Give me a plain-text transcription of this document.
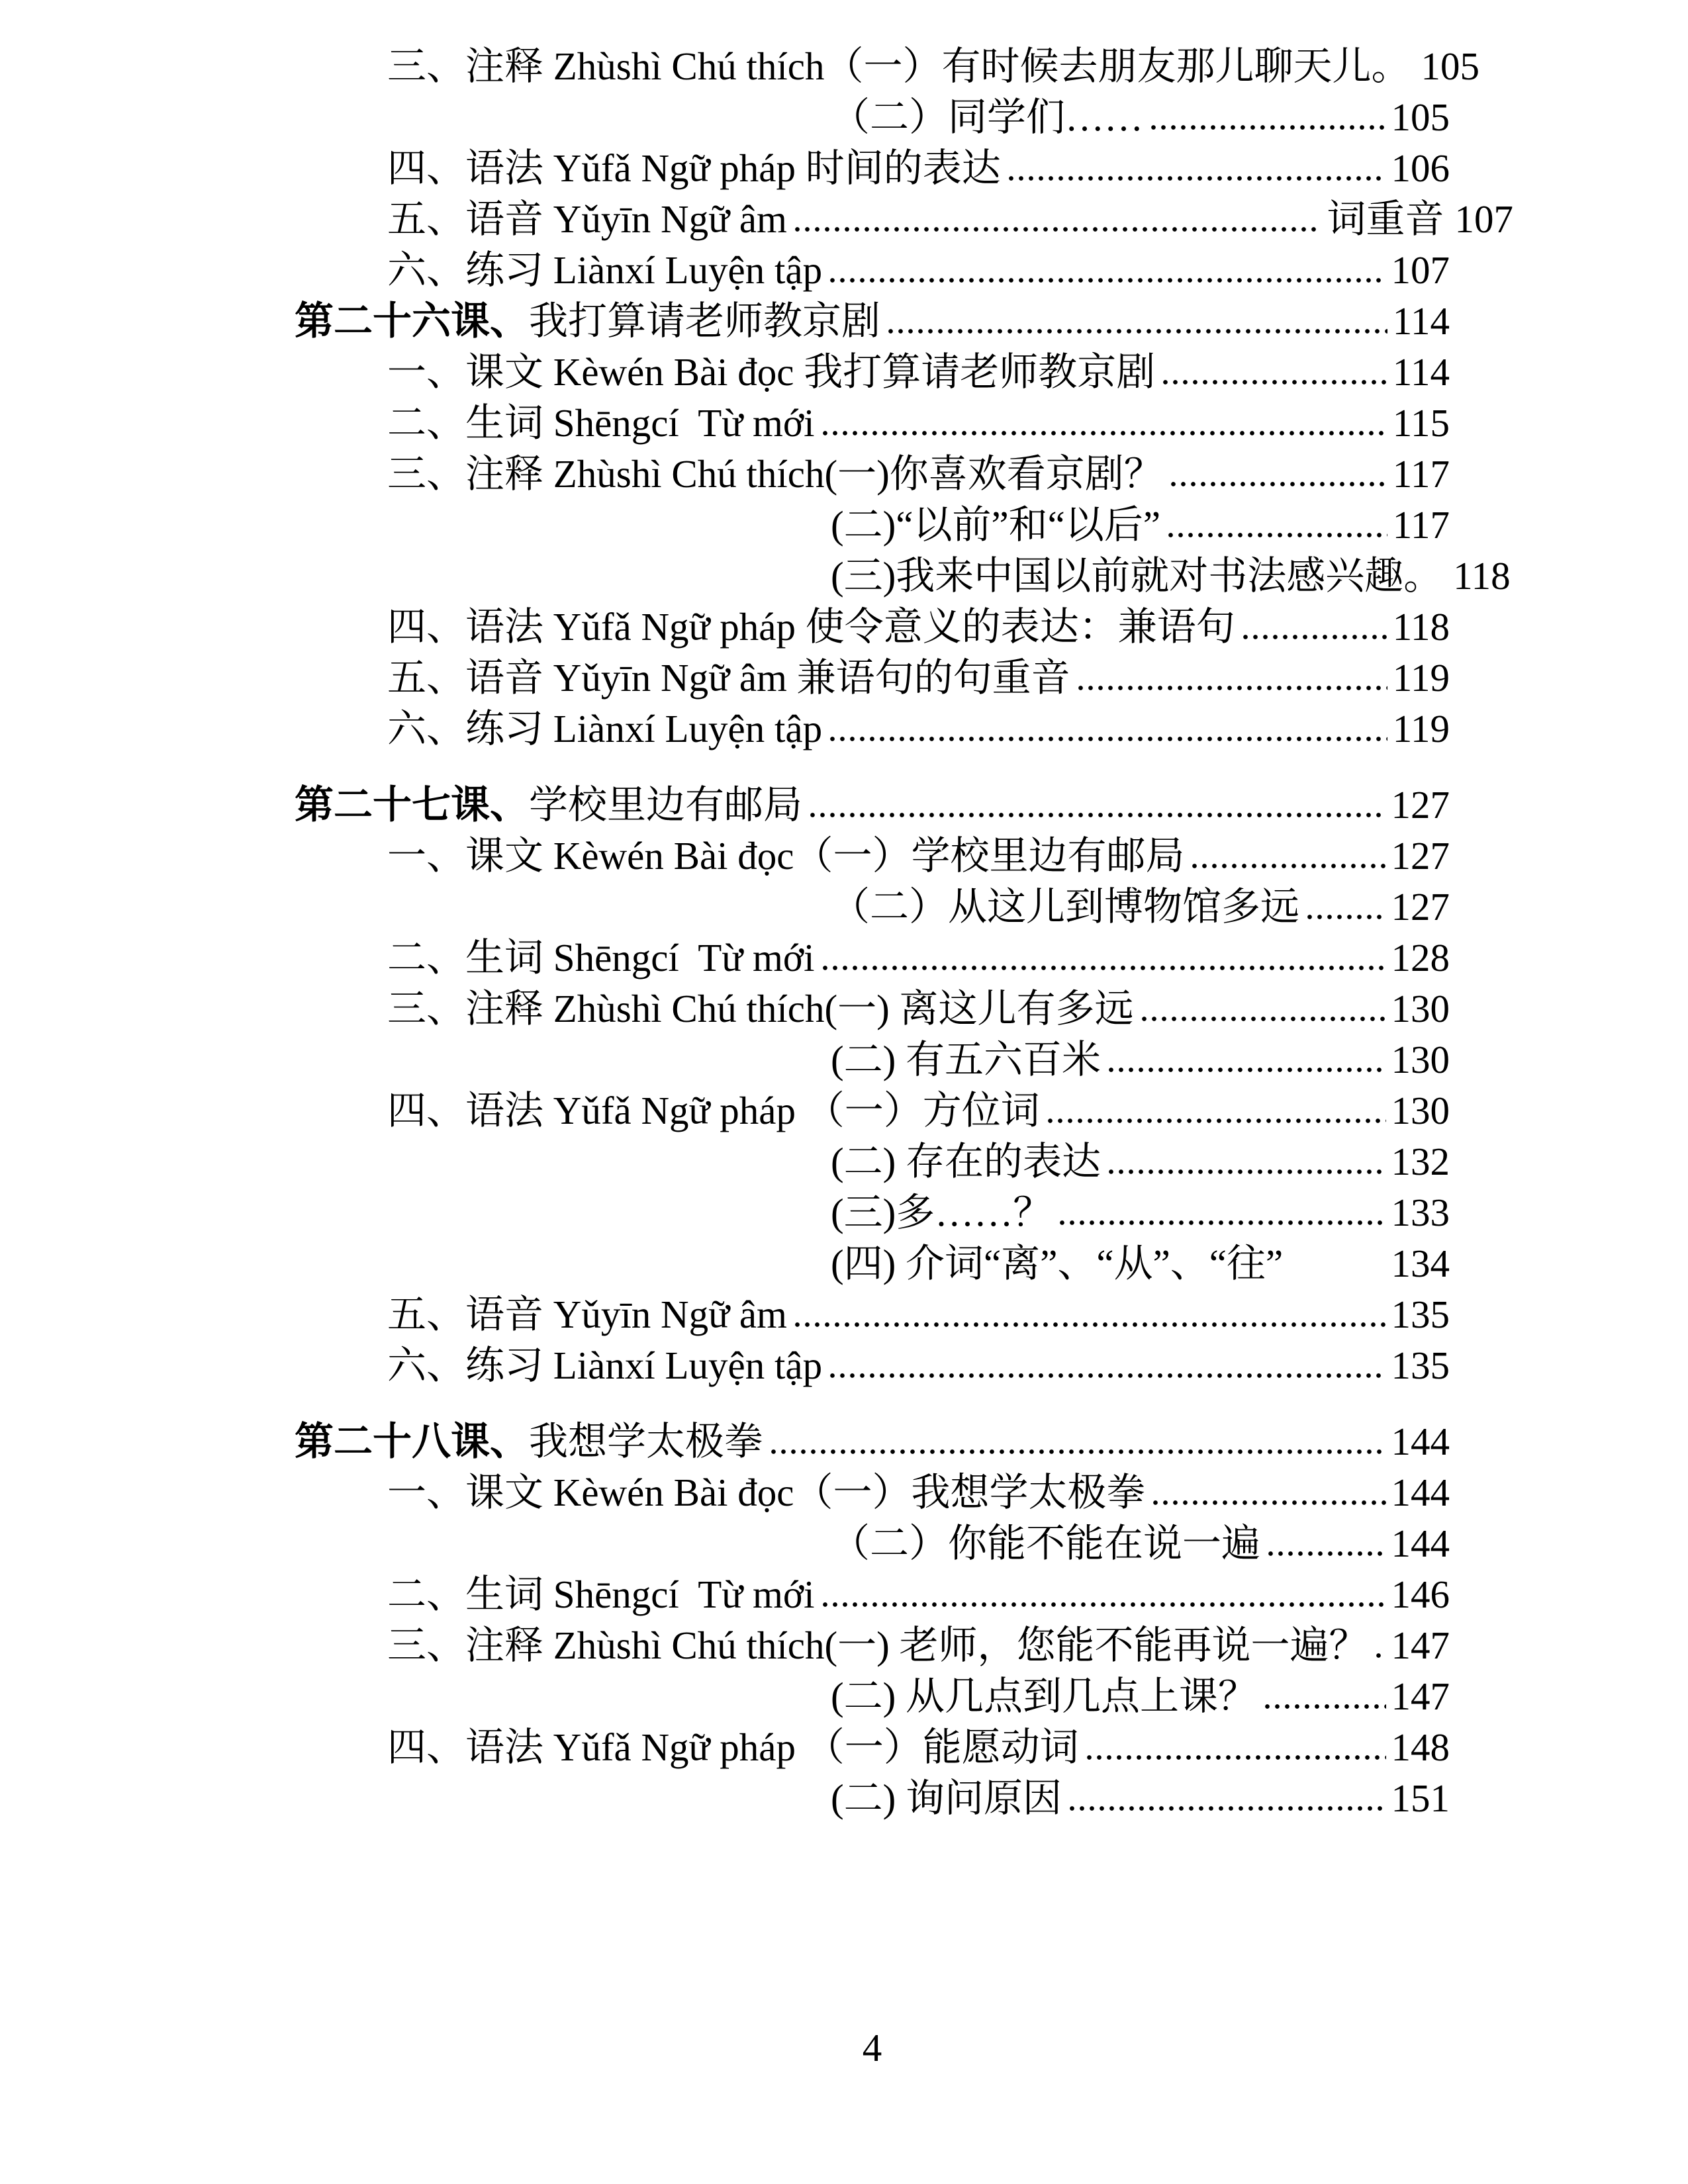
三、注释 Zhùshì Chú thích（一）有时候去朋友那儿聊天儿。 105
（二）同学们……	105
四、语法 Yǔfǎ Ngữ pháp 时间的表达	106
五、语音 Yǔyīn Ngữ âm	词重音 107
六、练习 Liànxí Luyện tập	107
第二十六课、 我打算请老师教京剧	114
一、课文 Kèwén Bài đọc 我打算请老师教京剧	114
二、生词 Shēngcí  Từ mới	115
三、注释 Zhùshì Chú thích(一)你喜欢看京剧？	117
(二)“以前”和“以后”	117
(三)我来中国以前就对书法感兴趣。 118
四、语法 Yǔfǎ Ngữ pháp 使令意义的表达：兼语句	118
五、语音 Yǔyīn Ngữ âm 兼语句的句重音	119
六、练习 Liànxí Luyện tập	119
第二十七课、 学校里边有邮局	127
一、课文 Kèwén Bài đọc（一）学校里边有邮局	127
（二）从这儿到博物馆多远 127
二、生词 Shēngcí  Từ mới	128
三、注释 Zhùshì Chú thích(一) 离这儿有多远	130
(二) 有五六百米	130
四、语法 Yǔfǎ Ngữ pháp （一）方位词	130
(二) 存在的表达	132
(三)多……？	133
(四) 介词“离”、“从”、“往”	134
五、语音 Yǔyīn Ngữ âm	135
六、练习 Liànxí Luyện tập	135
第二十八课、 我想学太极拳	144
一、课文 Kèwén Bài đọc（一）我想学太极拳	144
（二）你能不能在说一遍	144
二、生词 Shēngcí  Từ mới	146
三、注释 Zhùshì Chú thích(一) 老师，您能不能再说一遍？ 147
(二) 从几点到几点上课？	147
四、语法 Yǔfǎ Ngữ pháp （一）能愿动词	148
(二) 询问原因	151
4
